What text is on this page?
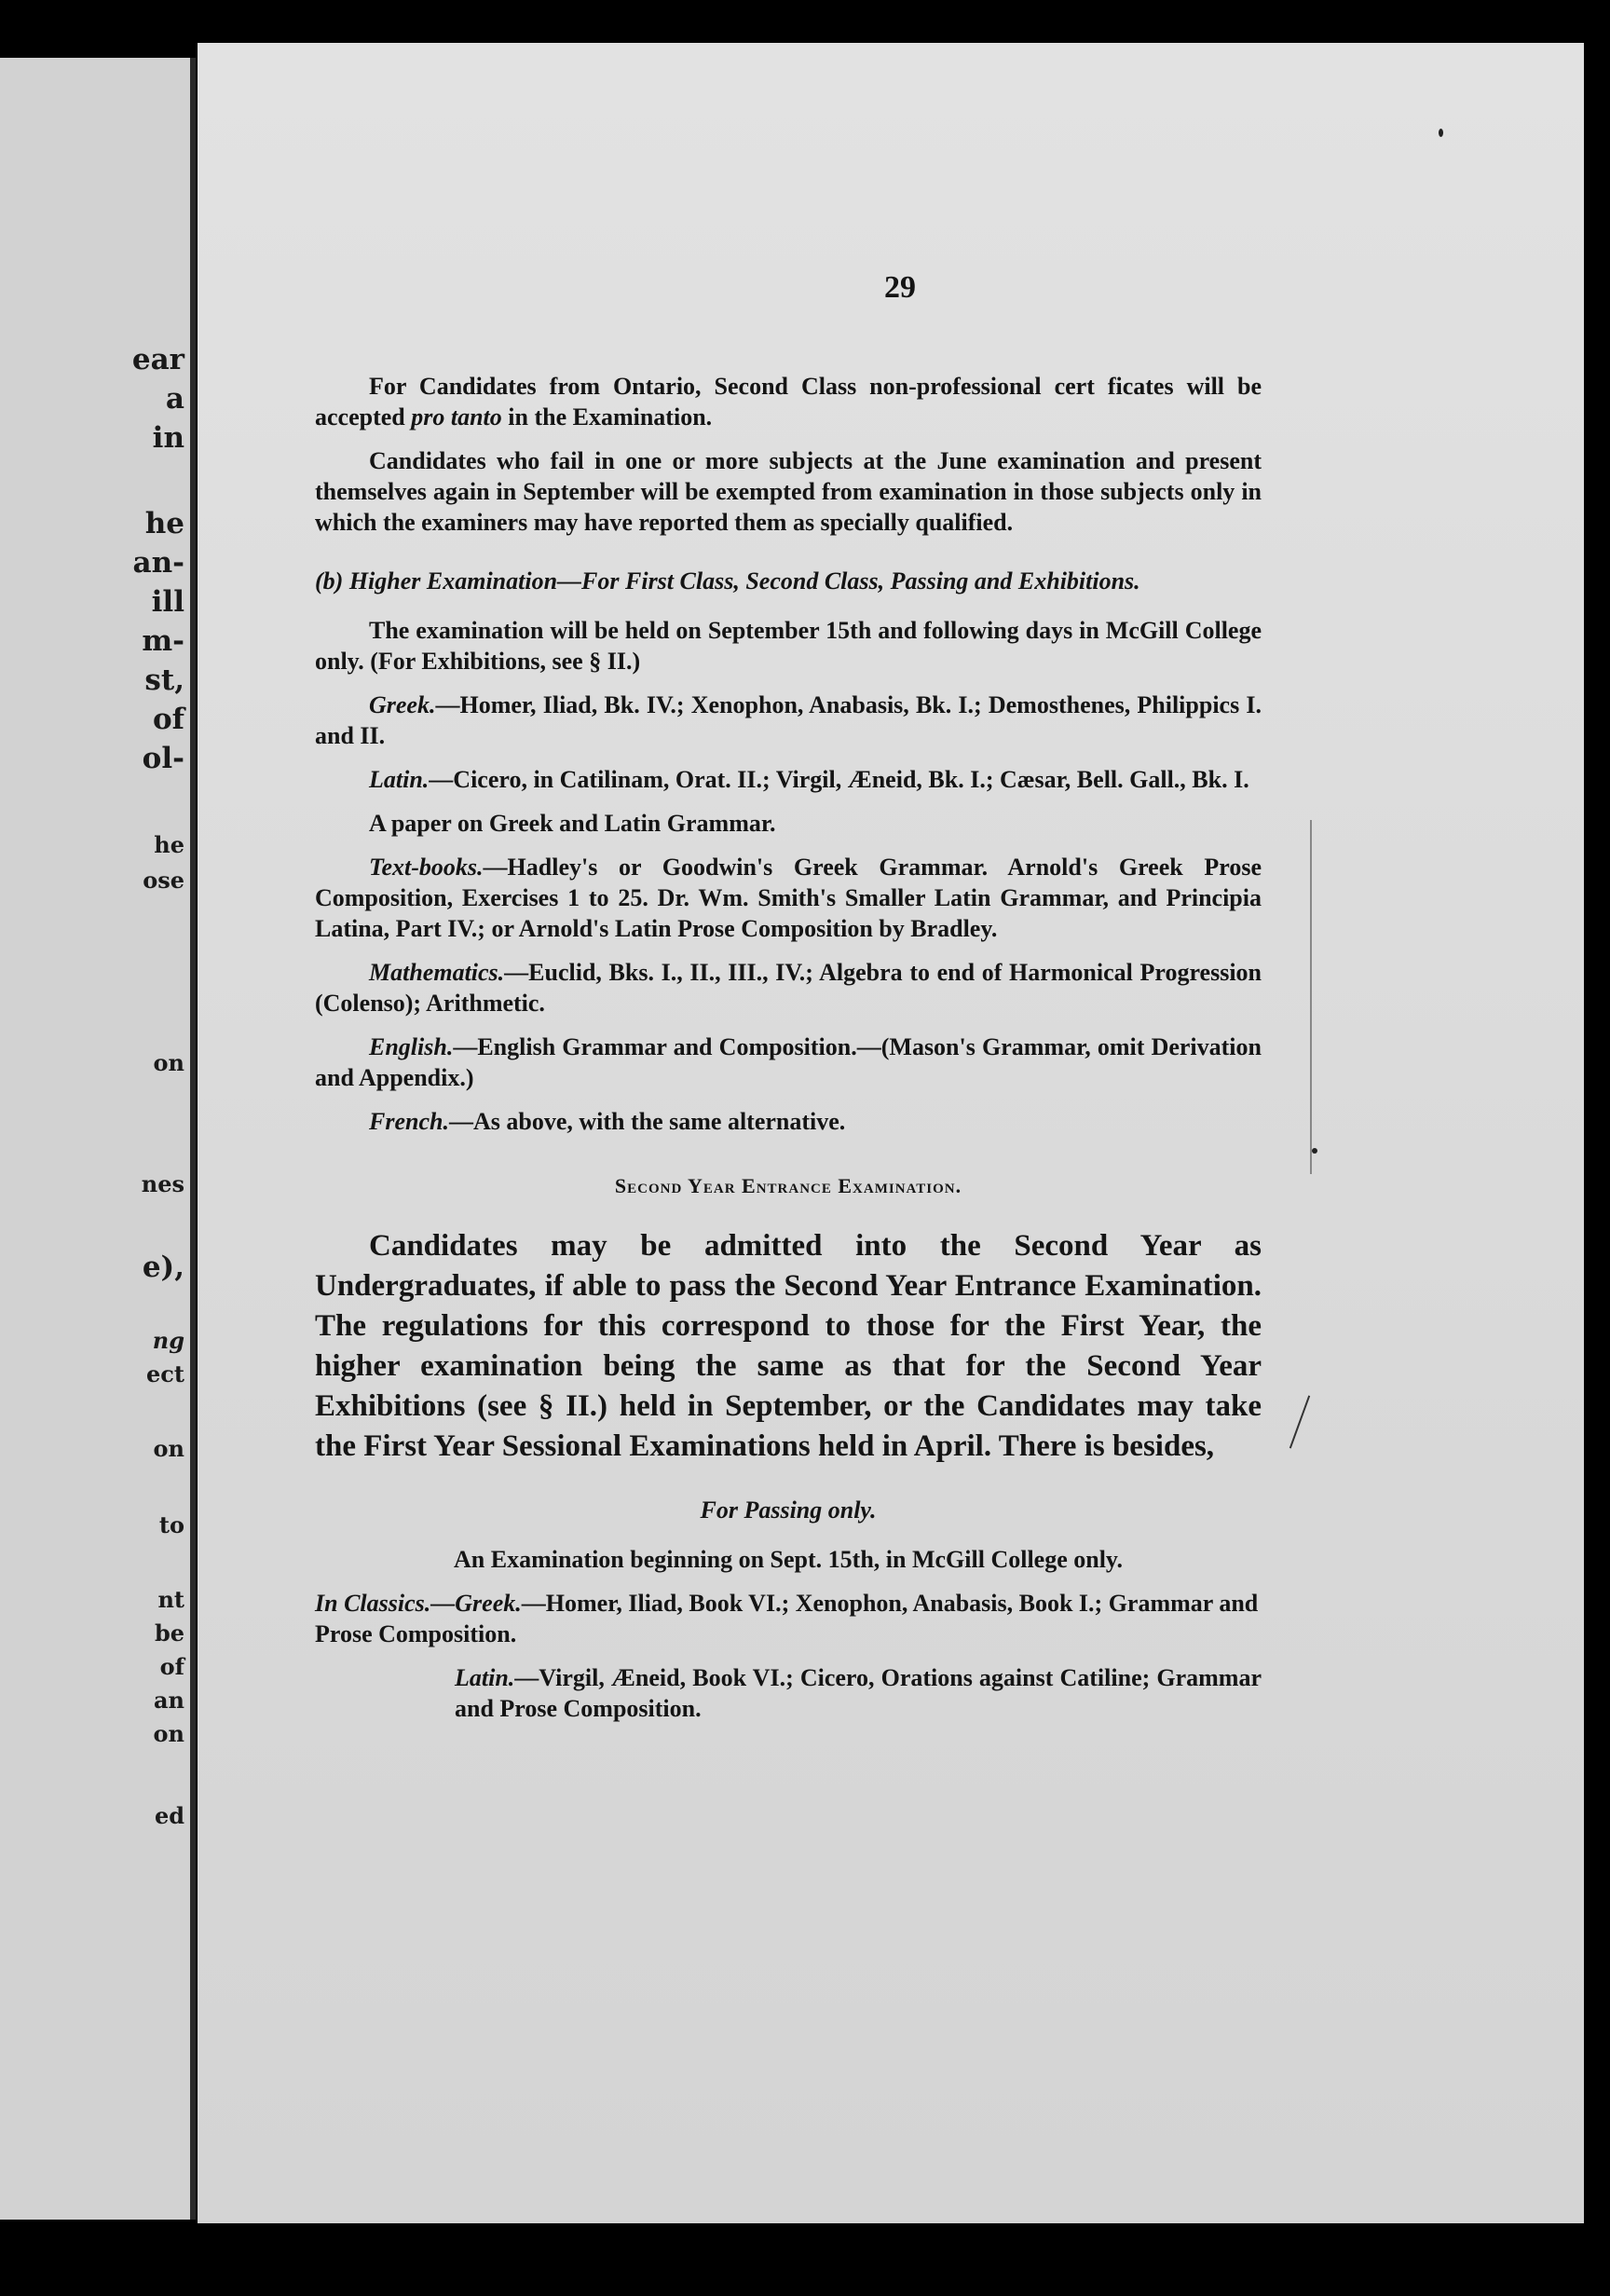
ear
a
in
he
an-
ill
m-
st,
of
ol-
he
ose
on
nes
e),
ng
ect
on
to
nt
be
of
an
on
ed
29

For Candidates from Ontario, Second Class non-professional cert ficates will be accepted pro tanto in the Examination.

Candidates who fail in one or more subjects at the June examination and present themselves again in September will be exempted from examination in those subjects only in which the examiners may have reported them as specially qualified.

(b) Higher Examination—For First Class, Second Class, Passing and Exhibitions.

The examination will be held on September 15th and following days in McGill College only. (For Exhibitions, see § II.)

Greek.—Homer, Iliad, Bk. IV.; Xenophon, Anabasis, Bk. I.; Demosthenes, Philippics I. and II.

Latin.—Cicero, in Catilinam, Orat. II.; Virgil, Æneid, Bk. I.; Cæsar, Bell. Gall., Bk. I.

A paper on Greek and Latin Grammar.

Text-books.—Hadley's or Goodwin's Greek Grammar. Arnold's Greek Prose Composition, Exercises 1 to 25. Dr. Wm. Smith's Smaller Latin Grammar, and Principia Latina, Part IV.; or Arnold's Latin Prose Composition by Bradley.

Mathematics.—Euclid, Bks. I., II., III., IV.; Algebra to end of Harmonical Progression (Colenso); Arithmetic.

English.—English Grammar and Composition.—(Mason's Grammar, omit Derivation and Appendix.)

French.—As above, with the same alternative.

Second Year Entrance Examination.

Candidates may be admitted into the Second Year as Undergraduates, if able to pass the Second Year Entrance Examination. The regulations for this correspond to those for the First Year, the higher examination being the same as that for the Second Year Exhibitions (see § II.) held in September, or the Candidates may take the First Year Sessional Examinations held in April. There is besides,

For Passing only.

An Examination beginning on Sept. 15th, in McGill College only.

In Classics.—Greek.—Homer, Iliad, Book VI.; Xenophon, Anabasis, Book I.; Grammar and Prose Composition.

Latin.—Virgil, Æneid, Book VI.; Cicero, Orations against Catiline; Grammar and Prose Composition.
